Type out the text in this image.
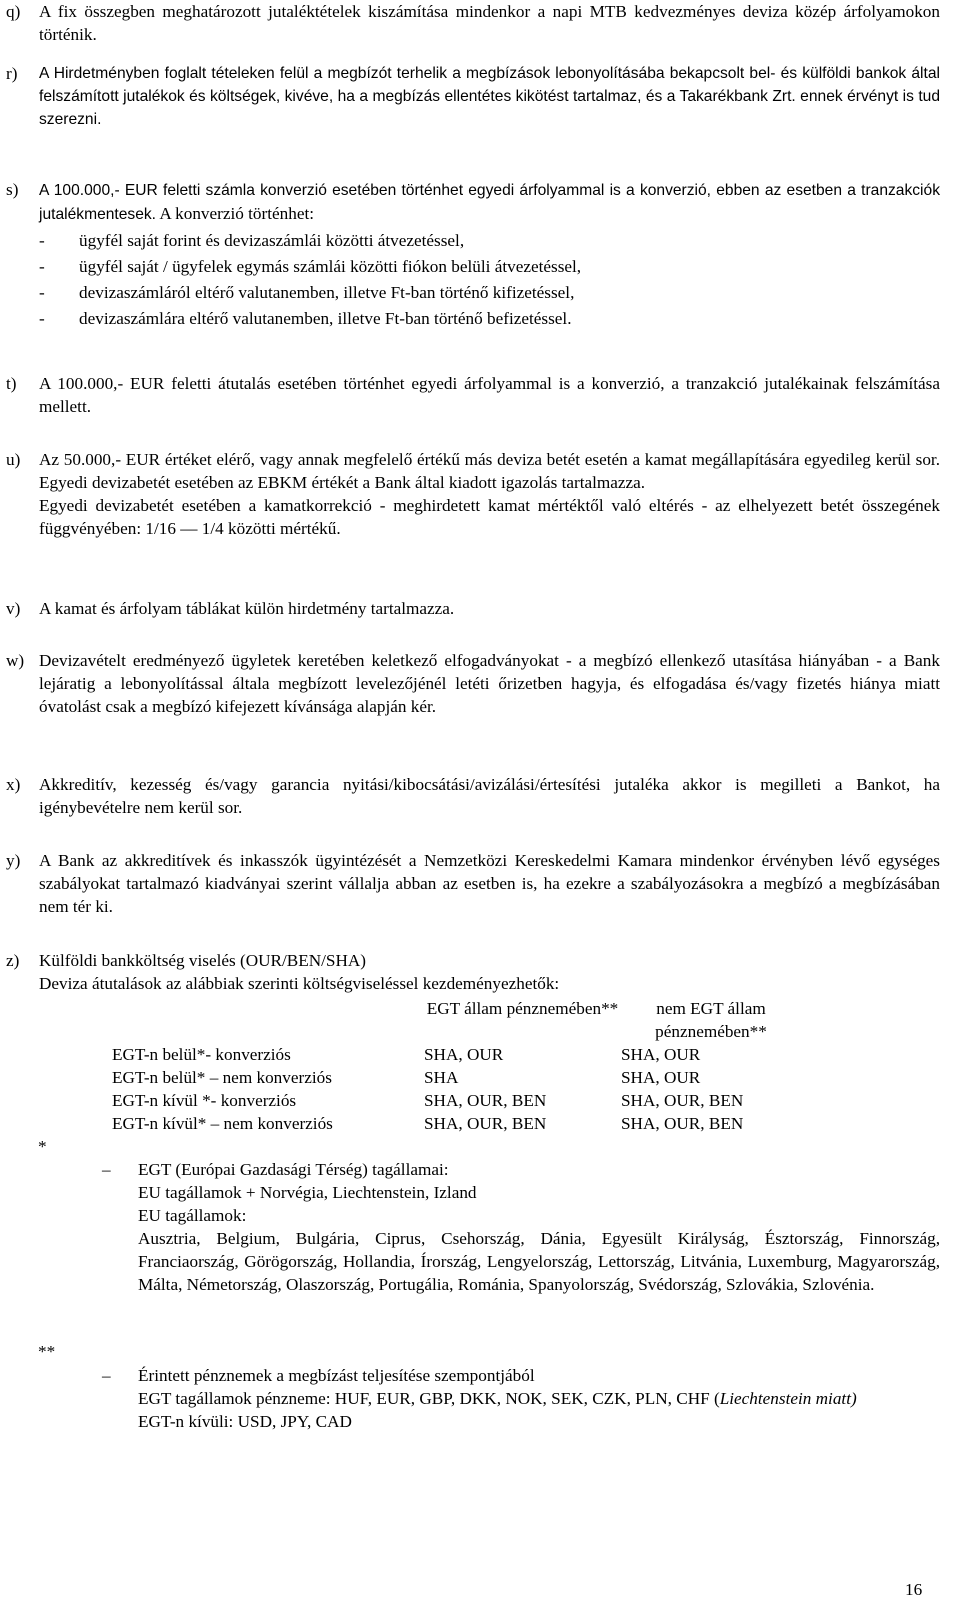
q)	A fix összegben meghatározott jutaléktételek kiszámítása mindenkor a napi MTB kedvezményes deviza közép árfolyamokon történik.

r)	A Hirdetményben foglalt tételeken felül a megbízót terhelik a megbízások lebonyolításába bekapcsolt bel- és külföldi bankok által felszámított jutalékok és költségek, kivéve, ha a megbízás ellentétes kikötést tartalmaz, és a Takarékbank Zrt. ennek érvényt is tud szerezni.

s)	A 100.000,- EUR feletti számla konverzió esetében történhet egyedi árfolyammal is a konverzió, ebben az esetben a tranzakciók jutalékmentesek. A konverzió történhet:
-	ügyfél saját forint és devizaszámlái közötti átvezetéssel,
-	ügyfél saját / ügyfelek egymás számlái közötti fiókon belüli átvezetéssel,
-	devizaszámláról eltérő valutanemben, illetve Ft-ban történő kifizetéssel,
-	devizaszámlára eltérő valutanemben, illetve Ft-ban történő befizetéssel.
t)	A 100.000,- EUR feletti átutalás esetében történhet egyedi árfolyammal is a konverzió, a tranzakció jutalékainak felszámítása mellett.

u)	Az 50.000,- EUR értéket elérő, vagy annak megfelelő értékű más deviza betét esetén a kamat megállapítására egyedileg kerül sor. Egyedi devizabetét esetében az EBKM értékét a Bank által kiadott igazolás tartalmazza.

Egyedi devizabetét esetében a kamatkorrekció - meghirdetett kamat mértéktől való eltérés - az elhelyezett betét összegének függvényében: 1/16 — 1/4 közötti mértékű.

v)	A kamat és árfolyam táblákat külön hirdetmény tartalmazza.

w) Devizavételt eredményező ügyletek keretében keletkező elfogadványokat - a megbízó ellenkező utasítása hiányában - a Bank lejáratig a lebonyolítással általa megbízott levelezőjénél letéti őrizetben hagyja, és elfogadása és/vagy fizetés hiánya miatt óvatolást csak a megbízó kifejezett kívánsága alapján kér.

x)	Akkreditív, kezesség és/vagy garancia nyitási/kibocsátási/avizálási/értesítési jutaléka akkor is megilleti a Bankot, ha igénybevételre nem kerül sor.

y)	A Bank az akkreditívek és inkasszók ügyintézését a Nemzetközi Kereskedelmi Kamara mindenkor érvényben lévő egységes szabályokat tartalmazó kiadványai szerint vállalja abban az esetben is, ha ezekre a szabályozásokra a megbízó a megbízásában nem tér ki.

z)	Külföldi bankköltség viselés (OUR/BEN/SHA)

Deviza átutalások az alábbiak szerinti költségviseléssel kezdeményezhetők:

	EGT állam pénznemében**	nem EGT állam pénznemében**
EGT-n belül*- konverziós	SHA, OUR	SHA, OUR
EGT-n belül* – nem konverziós	SHA	SHA, OUR
EGT-n kívül *- konverziós	SHA, OUR, BEN	SHA, OUR, BEN
EGT-n kívül* – nem konverziós	SHA, OUR, BEN	SHA, OUR, BEN
*
– EGT (Európai Gazdasági Térség) tagállamai:

EU tagállamok + Norvégia, Liechtenstein, Izland

EU tagállamok:

Ausztria, Belgium, Bulgária, Ciprus, Csehország, Dánia, Egyesült Királyság, Észtország, Finnország, Franciaország, Görögország, Hollandia, Írország, Lengyelország, Lettország, Litvánia, Luxemburg, Magyarország, Málta, Németország, Olaszország, Portugália, Románia, Spanyolország, Svédország, Szlovákia, Szlovénia.

**
– Érintett pénznemek a megbízást teljesítése szempontjából

EGT tagállamok pénzneme: HUF, EUR, GBP, DKK, NOK, SEK, CZK, PLN, CHF (Liechtenstein miatt)

EGT-n kívüli: USD, JPY, CAD

16
